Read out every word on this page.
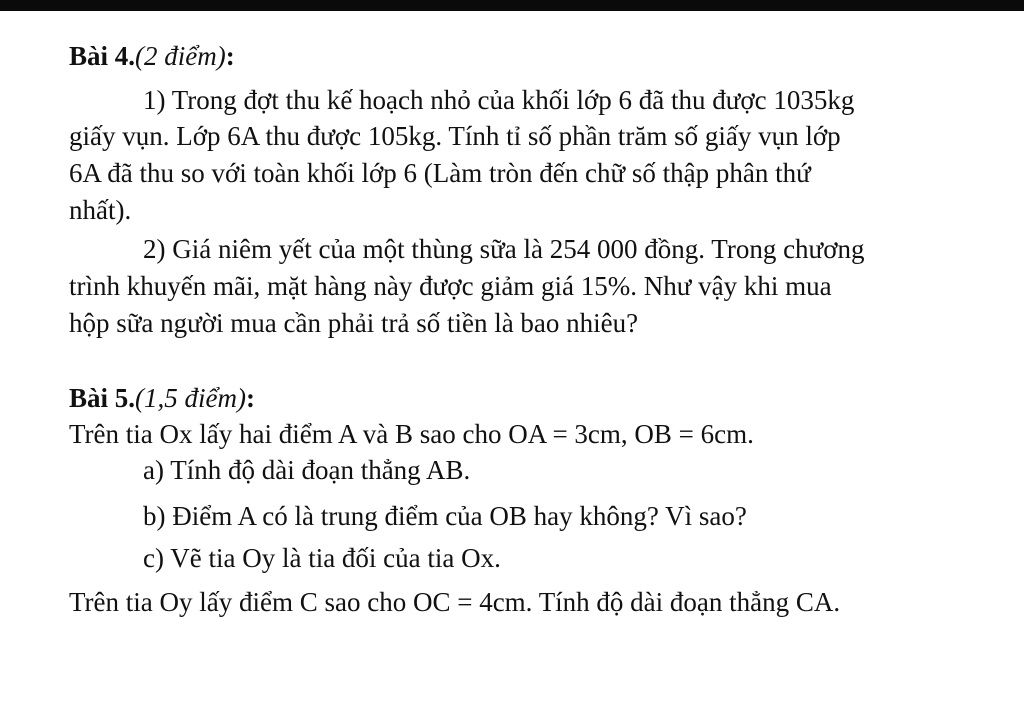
Bài 4.(2 điểm):
1) Trong đợt thu kế hoạch nhỏ của khối lớp 6 đã thu được 1035kg
giấy vụn. Lớp 6A thu được 105kg. Tính tỉ số phần trăm số giấy vụn lớp
6A đã thu so với toàn khối lớp 6 (Làm tròn đến chữ số thập phân thứ
nhất).
2) Giá niêm yết của một thùng sữa là 254 000 đồng. Trong chương
trình khuyến mãi, mặt hàng này được giảm giá 15%. Như vậy khi mua
hộp sữa người mua cần phải trả số tiền là bao nhiêu?
Bài 5.(1,5 điểm):
Trên tia Ox lấy hai điểm A và B sao cho OA = 3cm, OB = 6cm.
a) Tính độ dài đoạn thẳng AB.
b) Điểm A có là trung điểm của OB hay không? Vì sao?
c) Vẽ tia Oy là tia đối của tia Ox.
Trên tia Oy lấy điểm C sao cho OC = 4cm. Tính độ dài đoạn thẳng CA.
